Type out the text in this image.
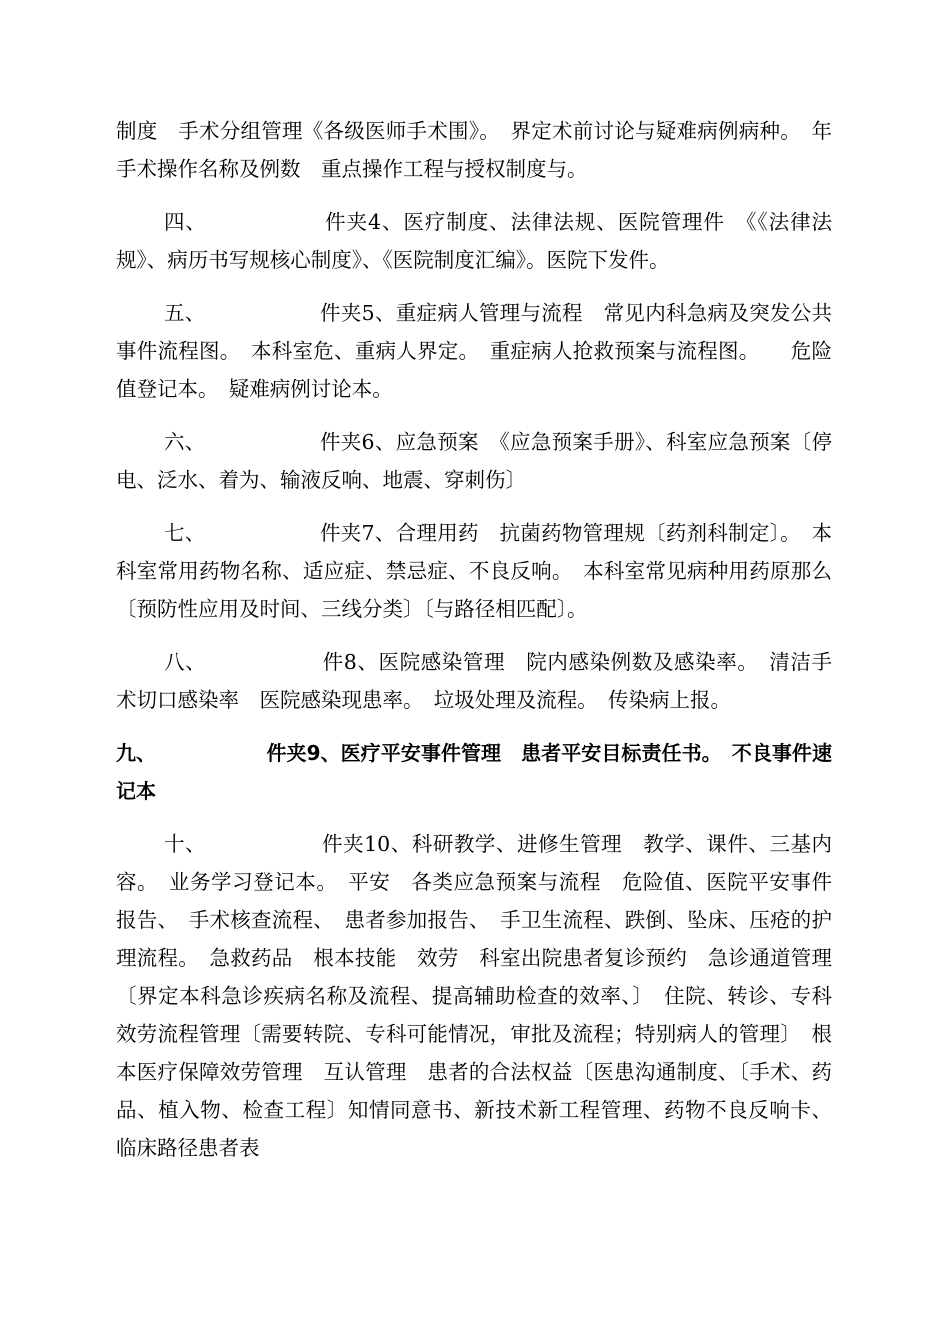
制度　手术分组管理《各级医师手术围》。　界定术前讨论与疑难病例病种。　年手术操作名称及例数　重点操作工程与授权制度与。

四、　　　　　　件夹4、医疗制度、法律法规、医院管理件　《《法律法规》、病历书写规核心制度》、《医院制度汇编》。医院下发件。

五、　　　　　　件夹5、重症病人管理与流程　常见内科急病及突发公共事件流程图。　本科室危、重病人界定。　重症病人抢救预案与流程图。　　危险值登记本。　疑难病例讨论本。

六、　　　　　　件夹6、应急预案　《应急预案手册》、科室应急预案〔停电、泛水、着为、输液反响、地震、穿刺伤〕

七、　　　　　　件夹7、合理用药　抗菌药物管理规〔药剂科制定〕。　本科室常用药物名称、适应症、禁忌症、不良反响。　本科室常见病种用药原那么〔预防性应用及时间、三线分类〕〔与路径相匹配〕。

八、　　　　　　件8、医院感染管理　院内感染例数及感染率。　清洁手术切口感染率　医院感染现患率。　垃圾处理及流程。　传染病上报。

九、　　　　　　件夹9、医疗平安事件管理　患者平安目标责任书。　不良事件速记本

十、　　　　　　件夹10、科研教学、进修生管理　教学、课件、三基内容。　业务学习登记本。　平安　各类应急预案与流程　危险值、医院平安事件报告、　手术核查流程、　患者参加报告、　手卫生流程、跌倒、坠床、压疮的护理流程。　急救药品　根本技能　效劳　科室出院患者复诊预约　急诊通道管理〔界定本科急诊疾病名称及流程、提高辅助检查的效率、〕　住院、转诊、专科效劳流程管理〔需要转院、专科可能情况，审批及流程；特别病人的管理〕　根本医疗保障效劳管理　互认管理　患者的合法权益〔医患沟通制度、〔手术、药品、植入物、检查工程〕知情同意书、新技术新工程管理、药物不良反响卡、临床路径患者表
